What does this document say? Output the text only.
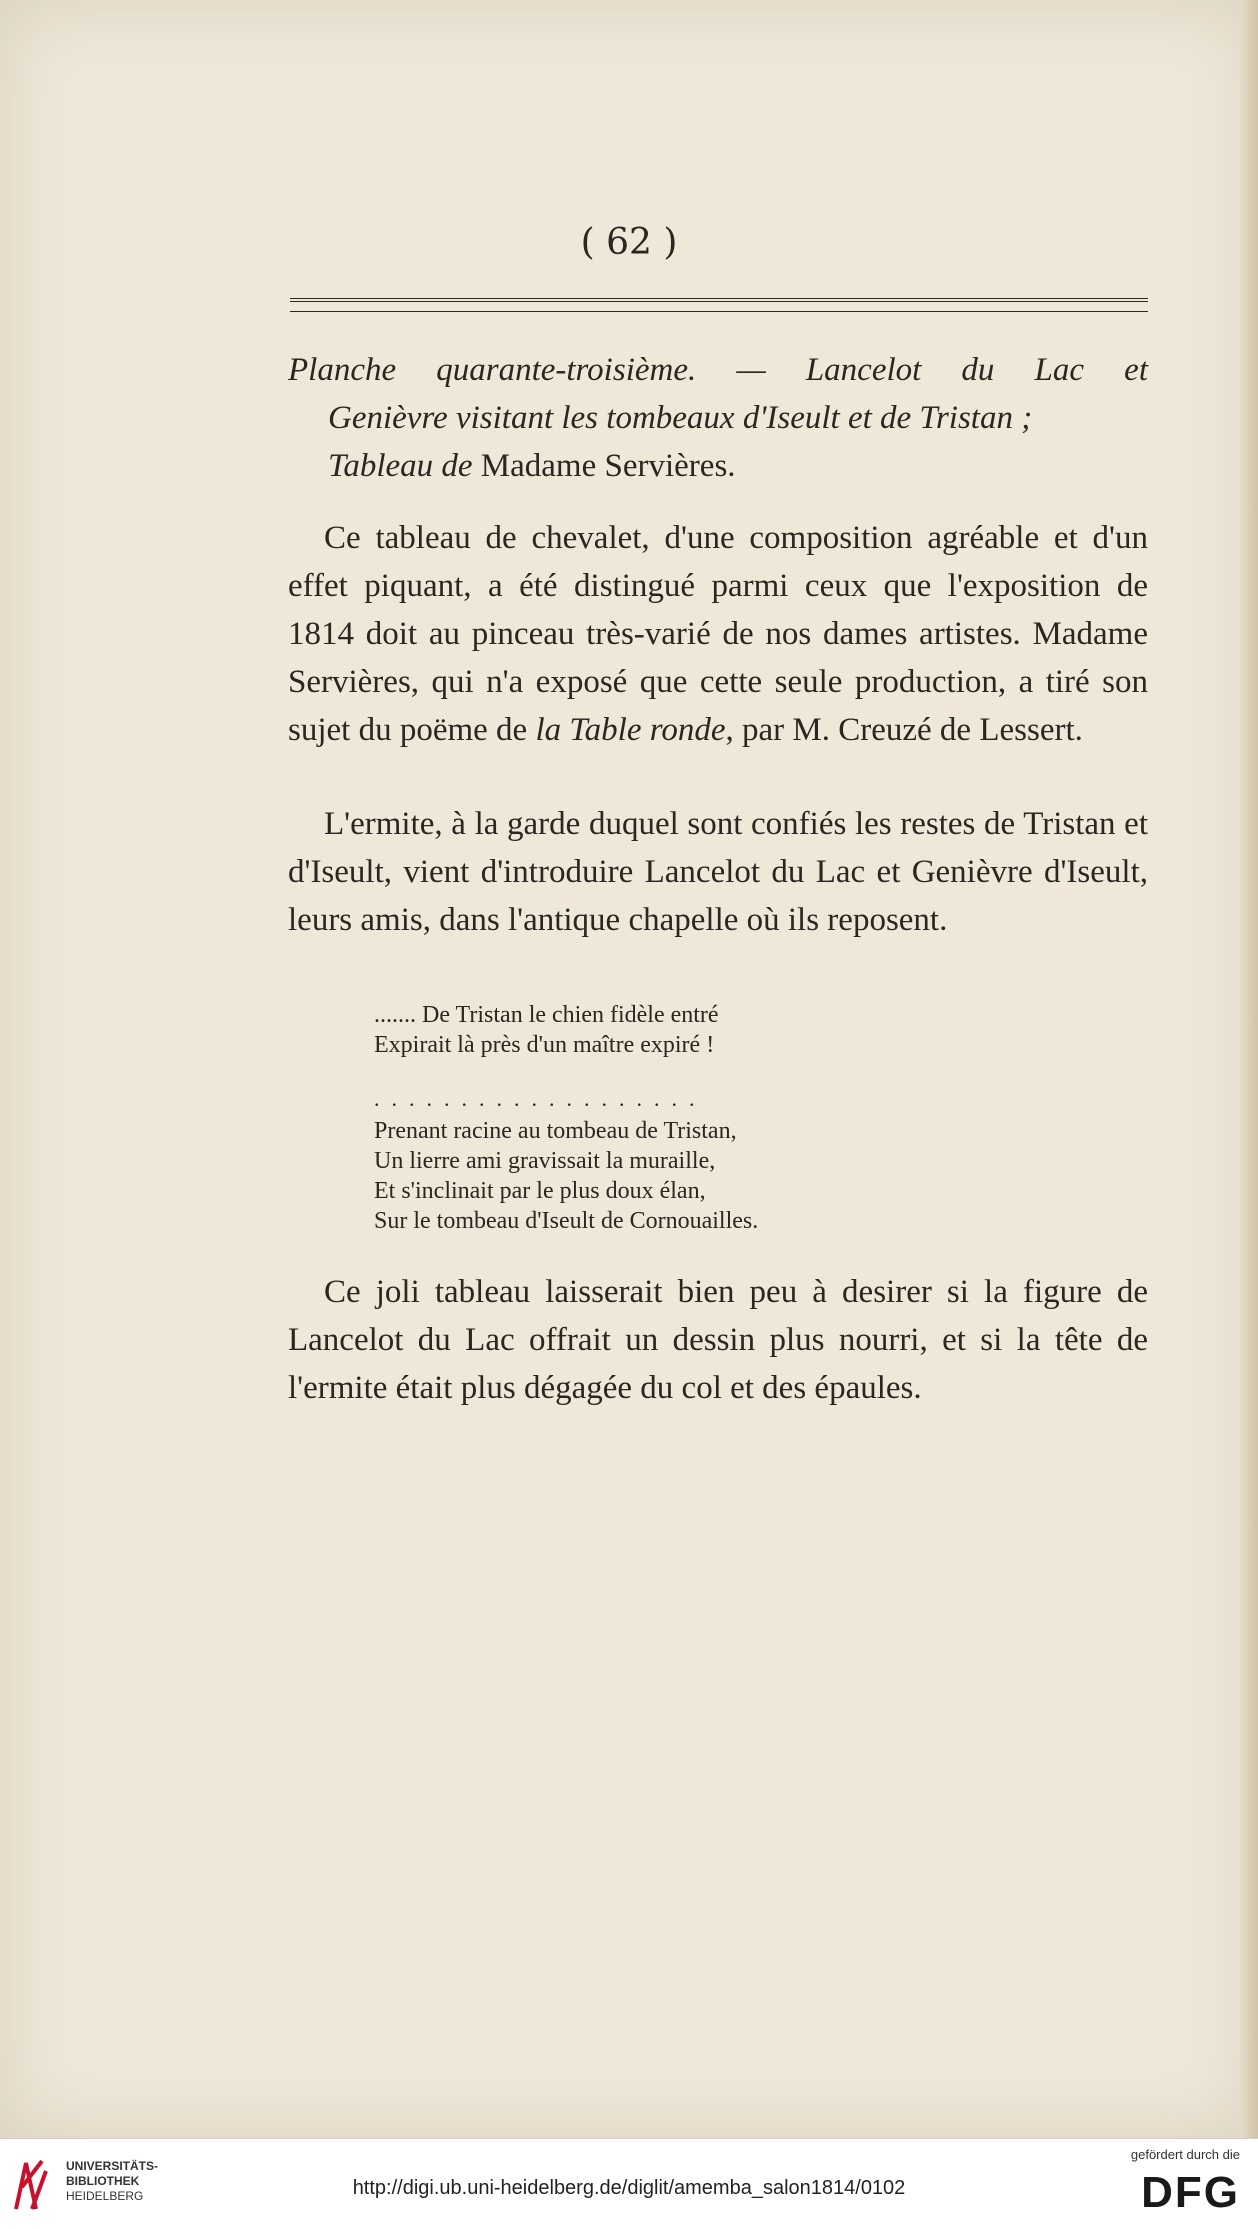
( 62 )
Planche quarante-troisième. — Lancelot du Lac et
Genièvre visitant les tombeaux d'Iseult et de Tristan ;
Tableau de Madame Servières.
Ce tableau de chevalet, d'une composition agréable et d'un effet piquant, a été distingué parmi ceux que l'exposition de 1814 doit au pinceau très-varié de nos dames artistes. Madame Servières, qui n'a exposé que cette seule production, a tiré son sujet du poëme de la Table ronde, par M. Creuzé de Lessert.
L'ermite, à la garde duquel sont confiés les restes de Tristan et d'Iseult, vient d'introduire Lancelot du Lac et Genièvre d'Iseult, leurs amis, dans l'antique chapelle où ils reposent.
....... De Tristan le chien fidèle entré
Expirait là près d'un maître expiré !
...................
Prenant racine au tombeau de Tristan,
Un lierre ami gravissait la muraille,
Et s'inclinait par le plus doux élan,
Sur le tombeau d'Iseult de Cornouailles.
Ce joli tableau laisserait bien peu à desirer si la figure de Lancelot du Lac offrait un dessin plus nourri, et si la tête de l'ermite était plus dégagée du col et des épaules.
UNIVERSITÄTS-
BIBLIOTHEK
HEIDELBERG	http://digi.ub.uni-heidelberg.de/diglit/amemba_salon1814/0102
gefördert durch die
DFG
